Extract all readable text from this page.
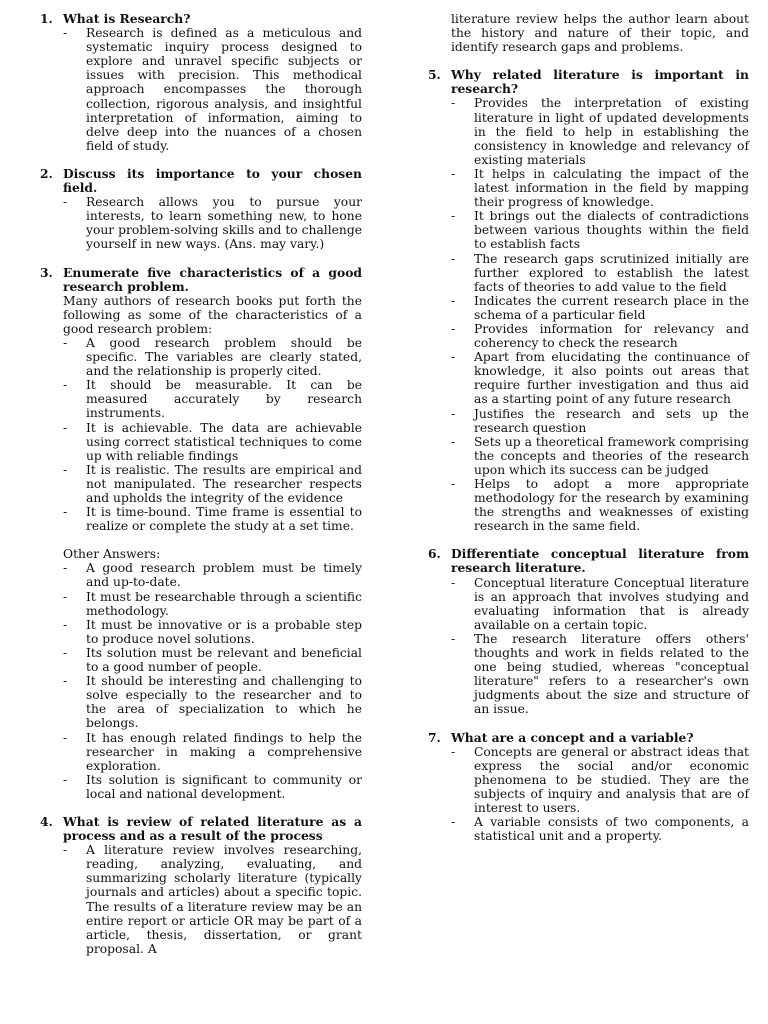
1. What is Research?
-	Research is defined as a meticulous and systematic inquiry process designed to explore and unravel specific subjects or issues with precision. This methodical approach encompasses the thorough collection, rigorous analysis, and insightful interpretation of information, aiming to delve deep into the nuances of a chosen field of study.
2. Discuss its importance to your chosen field.
-	Research allows you to pursue your interests, to learn something new, to hone your problem-solving skills and to challenge yourself in new ways. (Ans. may vary.)
3. Enumerate five characteristics of a good research problem.
Many authors of research books put forth the following as some of the characteristics of a good research problem:
-	A good research problem should be specific. The variables are clearly stated, and the relationship is properly cited.
-	It should be measurable. It can be measured accurately by research instruments.
-	It is achievable. The data are achievable using correct statistical techniques to come up with reliable findings
-	It is realistic. The results are empirical and not manipulated. The researcher respects and upholds the integrity of the evidence
-	It is time-bound. Time frame is essential to realize or complete the study at a set time.
Other Answers:
-	A good research problem must be timely and up-to-date.
-	It must be researchable through a scientific methodology.
-	It must be innovative or is a probable step to produce novel solutions.
-	Its solution must be relevant and beneficial to a good number of people.
-	It should be interesting and challenging to solve especially to the researcher and to the area of specialization to which he belongs.
-	It has enough related findings to help the researcher in making a comprehensive exploration.
-	Its solution is significant to community or local and national development.
4. What is review of related literature as a process and as a result of the process
-	A literature review involves researching, reading, analyzing, evaluating, and summarizing scholarly literature (typically journals and articles) about a specific topic. The results of a literature review may be an entire report or article OR may be part of a article, thesis, dissertation, or grant proposal. A
literature review helps the author learn about the history and nature of their topic, and identify research gaps and problems.
5. Why related literature is important in research?
-	Provides the interpretation of existing literature in light of updated developments in the field to help in establishing the consistency in knowledge and relevancy of existing materials
-	It helps in calculating the impact of the latest information in the field by mapping their progress of knowledge.
-	It brings out the dialects of contradictions between various thoughts within the field to establish facts
-	The research gaps scrutinized initially are further explored to establish the latest facts of theories to add value to the field
-	Indicates the current research place in the schema of a particular field
-	Provides information for relevancy and coherency to check the research
-	Apart from elucidating the continuance of knowledge, it also points out areas that require further investigation and thus aid as a starting point of any future research
-	Justifies the research and sets up the research question
-	Sets up a theoretical framework comprising the concepts and theories of the research upon which its success can be judged
-	Helps to adopt a more appropriate methodology for the research by examining the strengths and weaknesses of existing research in the same field.
6. Differentiate conceptual literature from research literature.
-	Conceptual literature Conceptual literature is an approach that involves studying and evaluating information that is already available on a certain topic.
-	The research literature offers others' thoughts and work in fields related to the one being studied, whereas "conceptual literature" refers to a researcher's own judgments about the size and structure of an issue.
7. What are a concept and a variable?
-	Concepts are general or abstract ideas that express the social and/or economic phenomena to be studied. They are the subjects of inquiry and analysis that are of interest to users.
-	A variable consists of two components, a statistical unit and a property.
